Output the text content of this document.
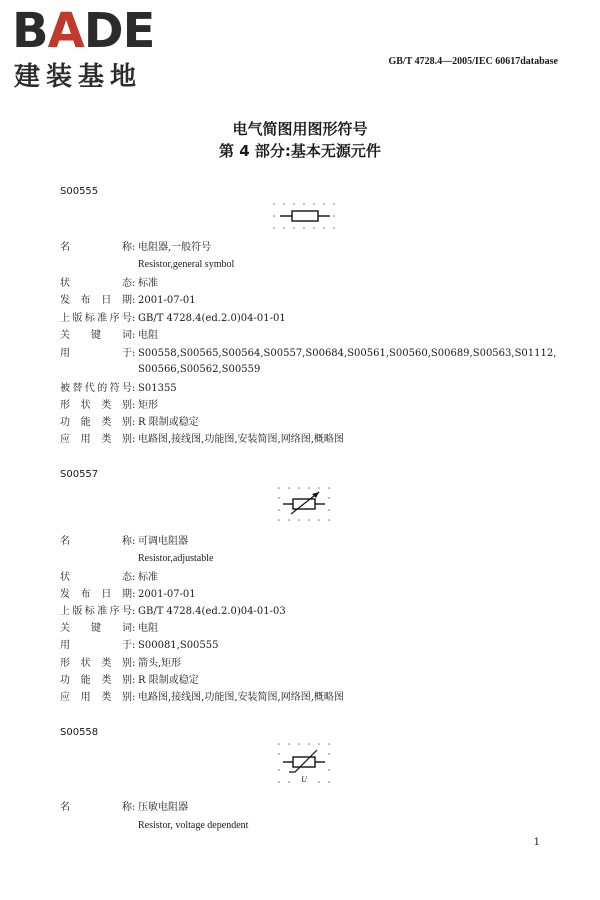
BADE
建装基地
GB/T 4728.4—2005/IEC 60617database
电气简图用图形符号
第 4 部分:基本无源元件
S00555
名称 : 电阻器,一般符号
Resistor,general symbol
状态 : 标准
发布日期 : 2001-07-01
上版标准序号 : GB/T 4728.4(ed.2.0)04-01-01
关键词 : 电阻
用于 : S00558,S00565,S00564,S00557,S00684,S00561,S00560,S00689,S00563,S01112,
S00566,S00562,S00559
被替代的符号 : S01355
形状类别 : 矩形
功能类别 : R 限制或稳定
应用类别 : 电路图,接线图,功能图,安装简图,网络图,概略图
S00557
名称 : 可调电阻器
Resistor,adjustable
状态 : 标准
发布日期 : 2001-07-01
上版标准序号 : GB/T 4728.4(ed.2.0)04-01-03
关键词 : 电阻
用于 : S00081,S00555
形状类别 : 箭头,矩形
功能类别 : R 限制或稳定
应用类别 : 电路图,接线图,功能图,安装简图,网络图,概略图
S00558
U
名称 : 压敏电阻器
Resistor, voltage dependent
1
